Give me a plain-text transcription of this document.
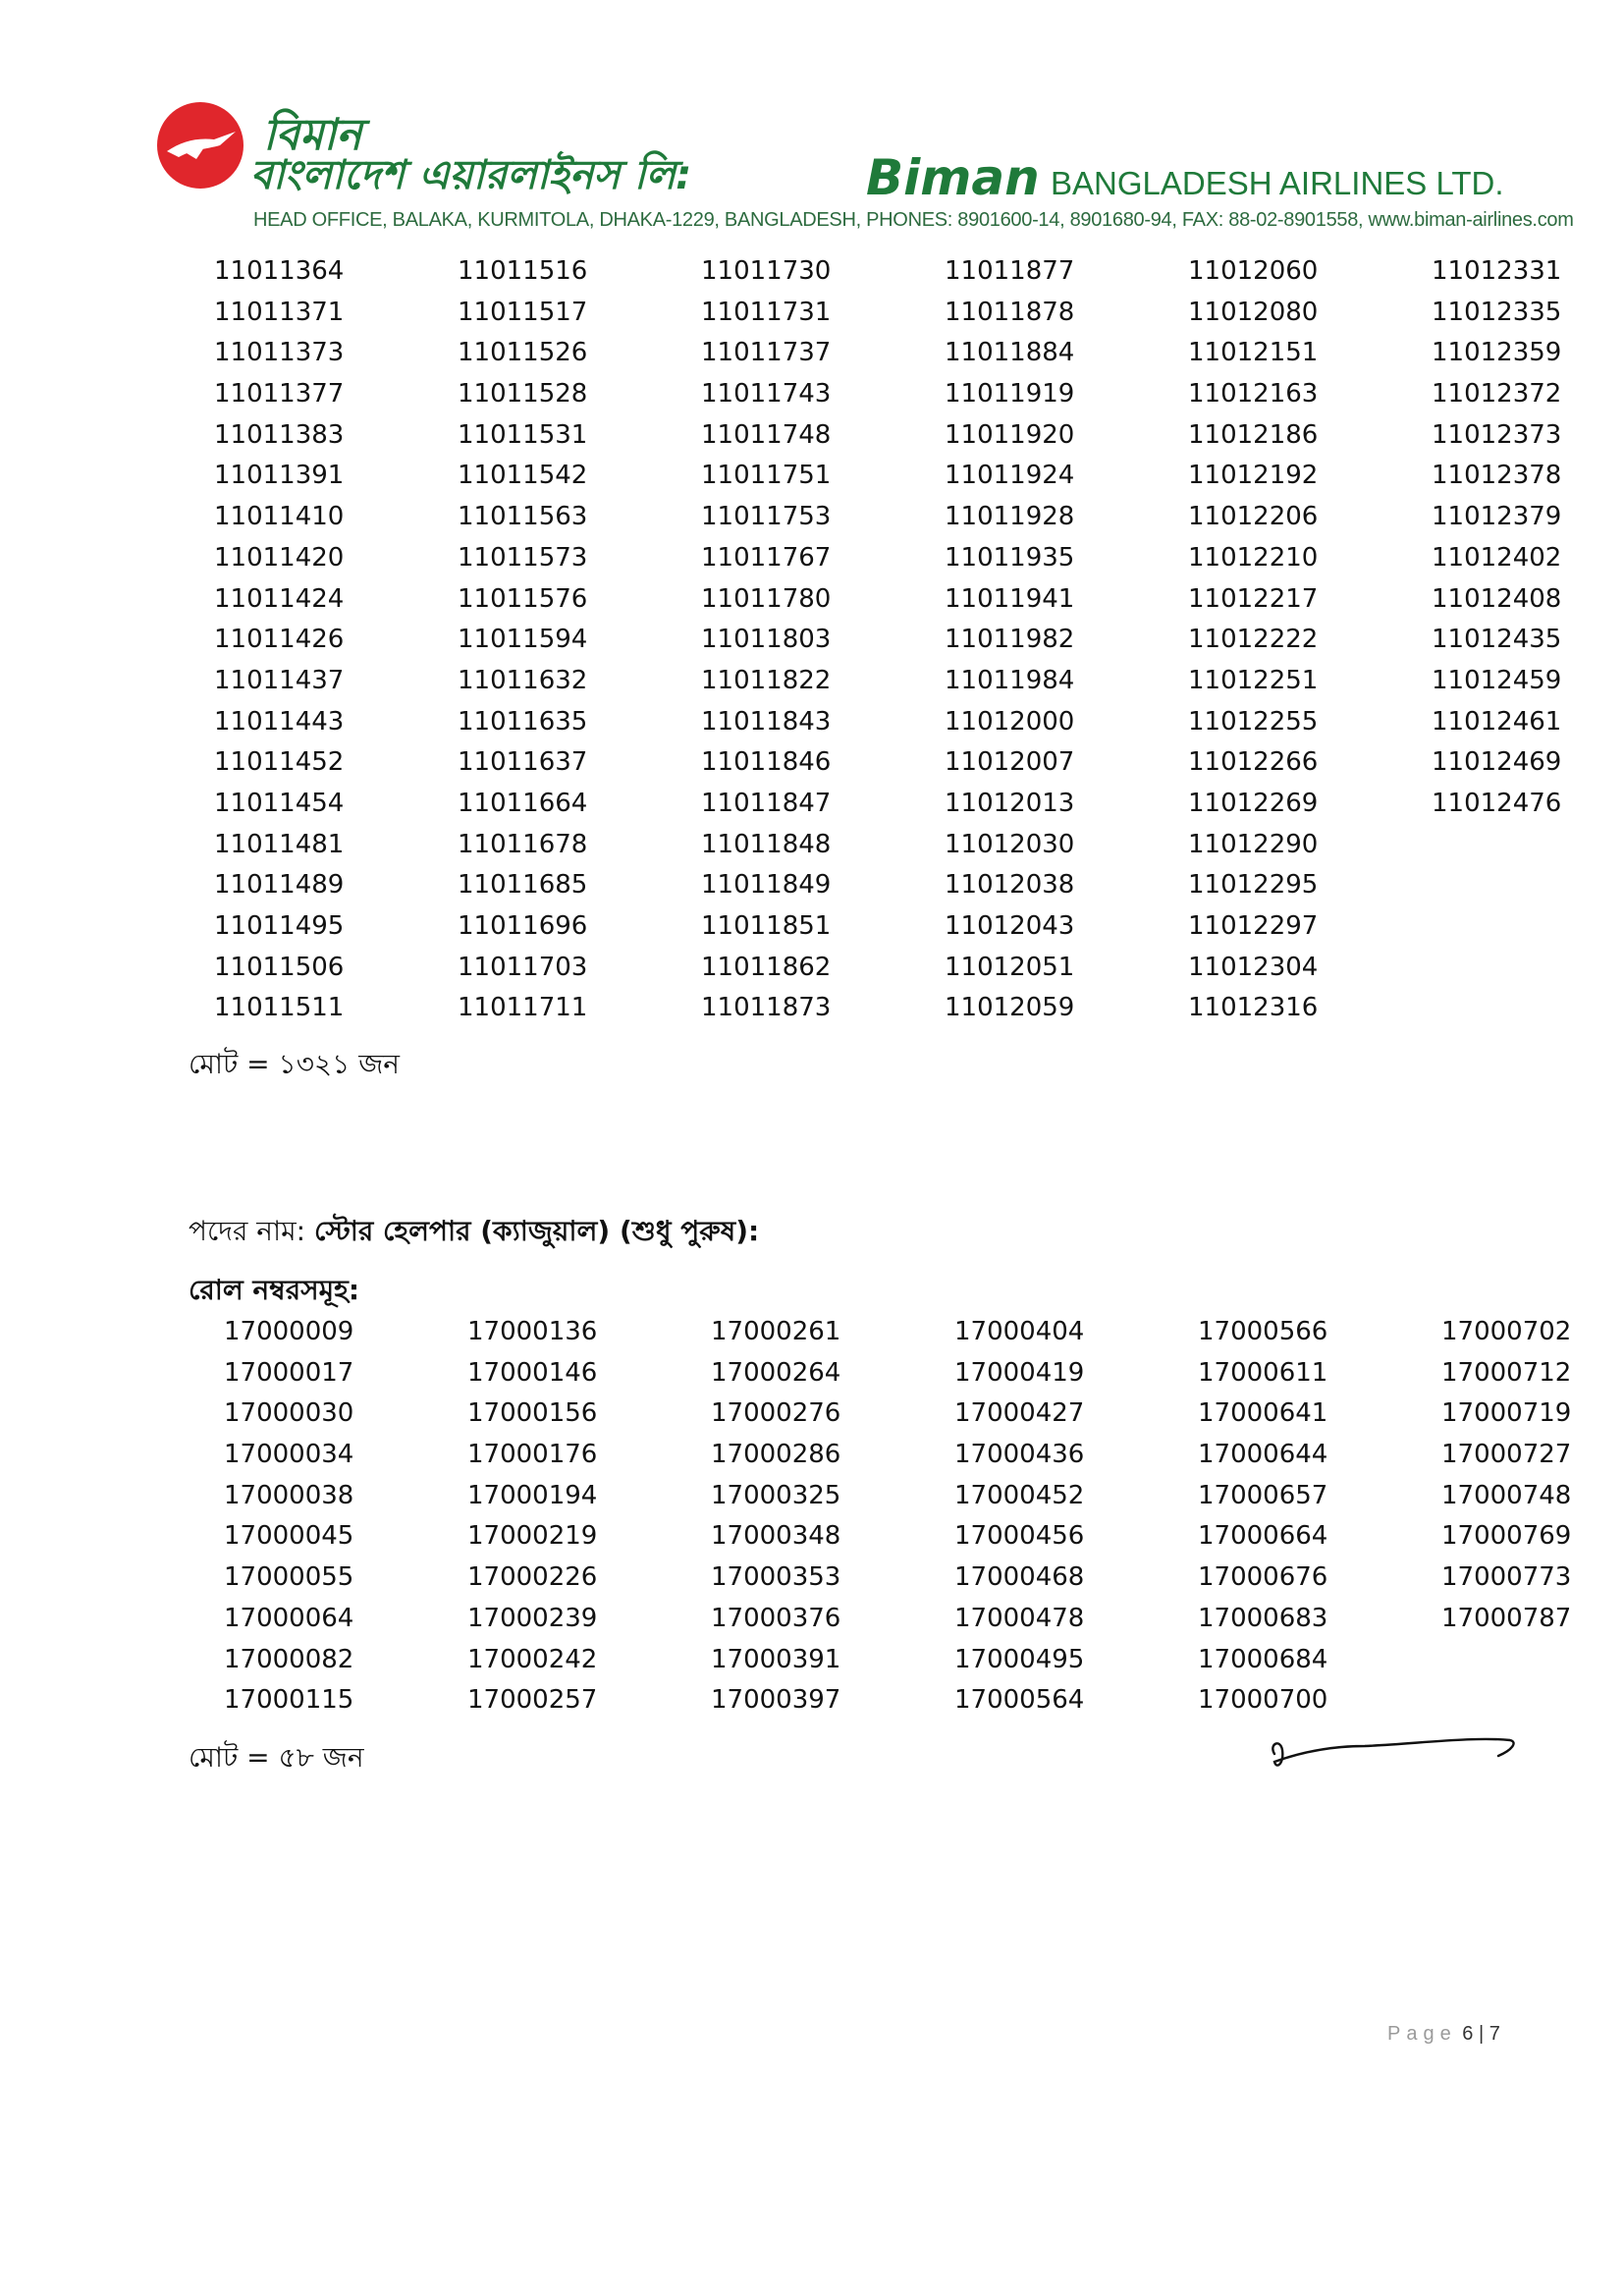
বিমান
বাংলাদেশ এয়ারলাইনস লি:	Biman BANGLADESH AIRLINES LTD.
HEAD OFFICE, BALAKA, KURMITOLA, DHAKA-1229, BANGLADESH, PHONES: 8901600-14, 8901680-94, FAX: 88-02-8901558, www.biman-airlines.com
11011364
11011371
11011373
11011377
11011383
11011391
11011410
11011420
11011424
11011426
11011437
11011443
11011452
11011454
11011481
11011489
11011495
11011506
11011511
11011516
11011517
11011526
11011528
11011531
11011542
11011563
11011573
11011576
11011594
11011632
11011635
11011637
11011664
11011678
11011685
11011696
11011703
11011711
11011730
11011731
11011737
11011743
11011748
11011751
11011753
11011767
11011780
11011803
11011822
11011843
11011846
11011847
11011848
11011849
11011851
11011862
11011873
11011877
11011878
11011884
11011919
11011920
11011924
11011928
11011935
11011941
11011982
11011984
11012000
11012007
11012013
11012030
11012038
11012043
11012051
11012059
11012060
11012080
11012151
11012163
11012186
11012192
11012206
11012210
11012217
11012222
11012251
11012255
11012266
11012269
11012290
11012295
11012297
11012304
11012316
11012331
11012335
11012359
11012372
11012373
11012378
11012379
11012402
11012408
11012435
11012459
11012461
11012469
11012476
মোট = ১৩২১ জন
পদের নাম: স্টোর হেলপার (ক্যাজুয়াল) (শুধু পুরুষ):
রোল নম্বরসমূহ:
17000009
17000017
17000030
17000034
17000038
17000045
17000055
17000064
17000082
17000115
17000136
17000146
17000156
17000176
17000194
17000219
17000226
17000239
17000242
17000257
17000261
17000264
17000276
17000286
17000325
17000348
17000353
17000376
17000391
17000397
17000404
17000419
17000427
17000436
17000452
17000456
17000468
17000478
17000495
17000564
17000566
17000611
17000641
17000644
17000657
17000664
17000676
17000683
17000684
17000700
17000702
17000712
17000719
17000727
17000748
17000769
17000773
17000787
মোট = ৫৮ জন
Page 6 | 7
